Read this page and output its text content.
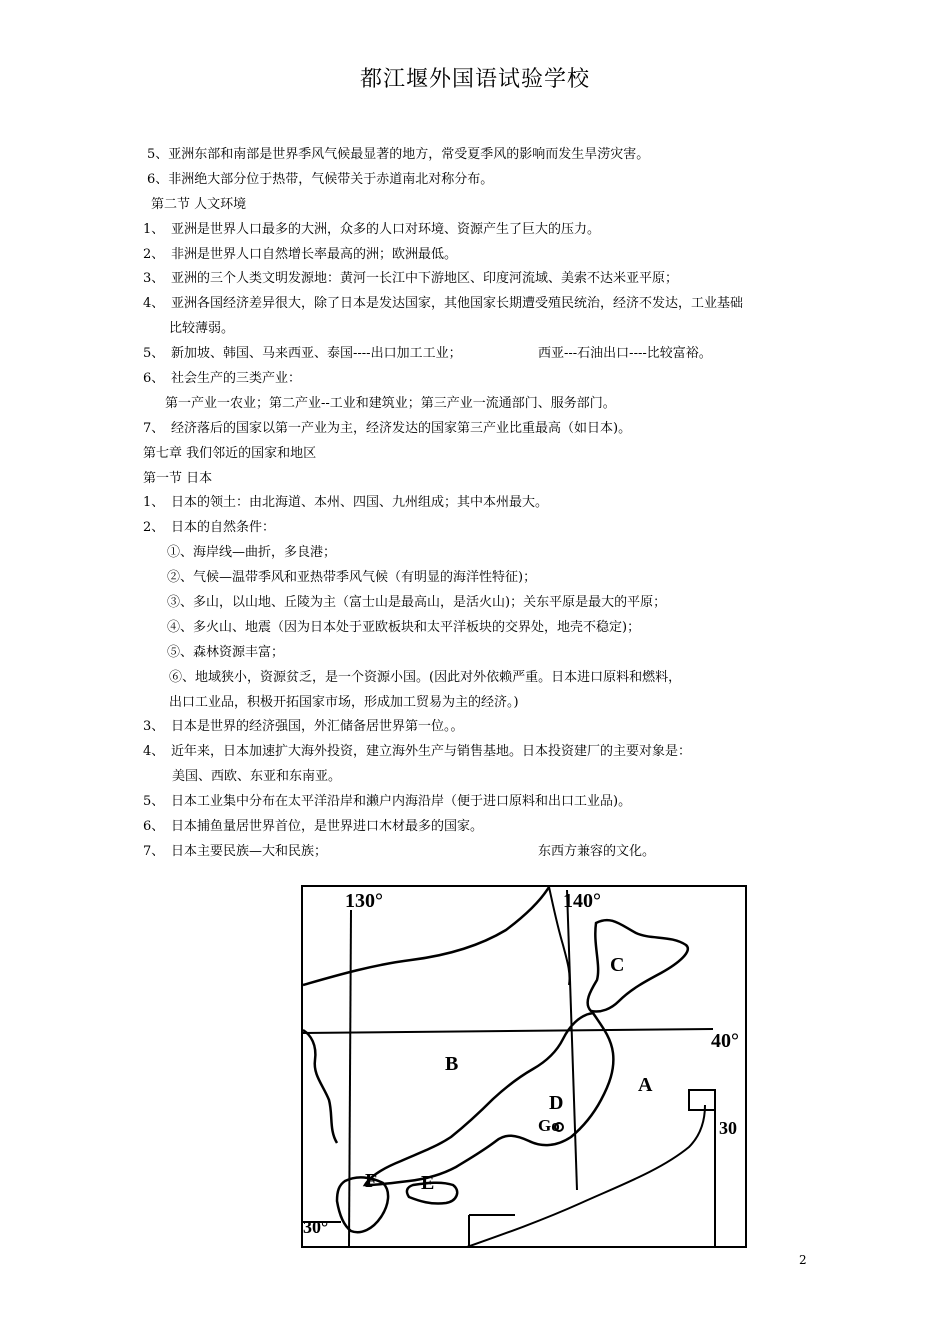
都江堰外国语试验学校
5、亚洲东部和南部是世界季风气候最显著的地方，常受夏季风的影响而发生旱涝灾害。
6、非洲绝大部分位于热带，气候带关于赤道南北对称分布。
第二节 人文环境
1、 亚洲是世界人口最多的大洲，众多的人口对环境、资源产生了巨大的压力。
2、 非洲是世界人口自然增长率最高的洲；欧洲最低。
3、 亚洲的三个人类文明发源地：黄河一长江中下游地区、印度河流域、美索不达米亚平原；
4、 亚洲各国经济差异很大，除了日本是发达国家，其他国家长期遭受殖民统治，经济不发达，工业基础
比较薄弱。
5、 新加坡、韩国、马来西亚、泰国----出口加工工业；	西亚---石油出口----比较富裕。
6、 社会生产的三类产业：
第一产业一农业；第二产业--工业和建筑业；第三产业一流通部门、服务部门。
7、 经济落后的国家以第一产业为主，经济发达的国家第三产业比重最高（如日本)。
第七章 我们邻近的国家和地区
第一节 日本
1、 日本的领土：由北海道、本州、四国、九州组成；其中本州最大。
2、 日本的自然条件：
①、海岸线—曲折，多良港；
②、气候—温带季风和亚热带季风气候（有明显的海洋性特征)；
③、多山，以山地、丘陵为主（富士山是最高山，是活火山)；关东平原是最大的平原；
④、多火山、地震（因为日本处于亚欧板块和太平洋板块的交界处，地壳不稳定)；
⑤、森林资源丰富；
⑥、地域狭小，资源贫乏，是一个资源小国。(因此对外依赖严重。日本进口原料和燃料，
出口工业品，积极开拓国家市场，形成加工贸易为主的经济。)
3、 日本是世界的经济强国，外汇储备居世界第一位。。
4、 近年来，日本加速扩大海外投资，建立海外生产与销售基地。日本投资建厂的主要对象是：
美国、西欧、东亚和东南亚。
5、 日本工业集中分布在太平洋沿岸和濑户内海沿岸（便于进口原料和出口工业品)。
6、 日本捕鱼量居世界首位，是世界进口木材最多的国家。
7、 日本主要民族—大和民族；	东西方兼容的文化。
130°	140°
40°
30
30°
A
B
C
D
E
F
Go
2
